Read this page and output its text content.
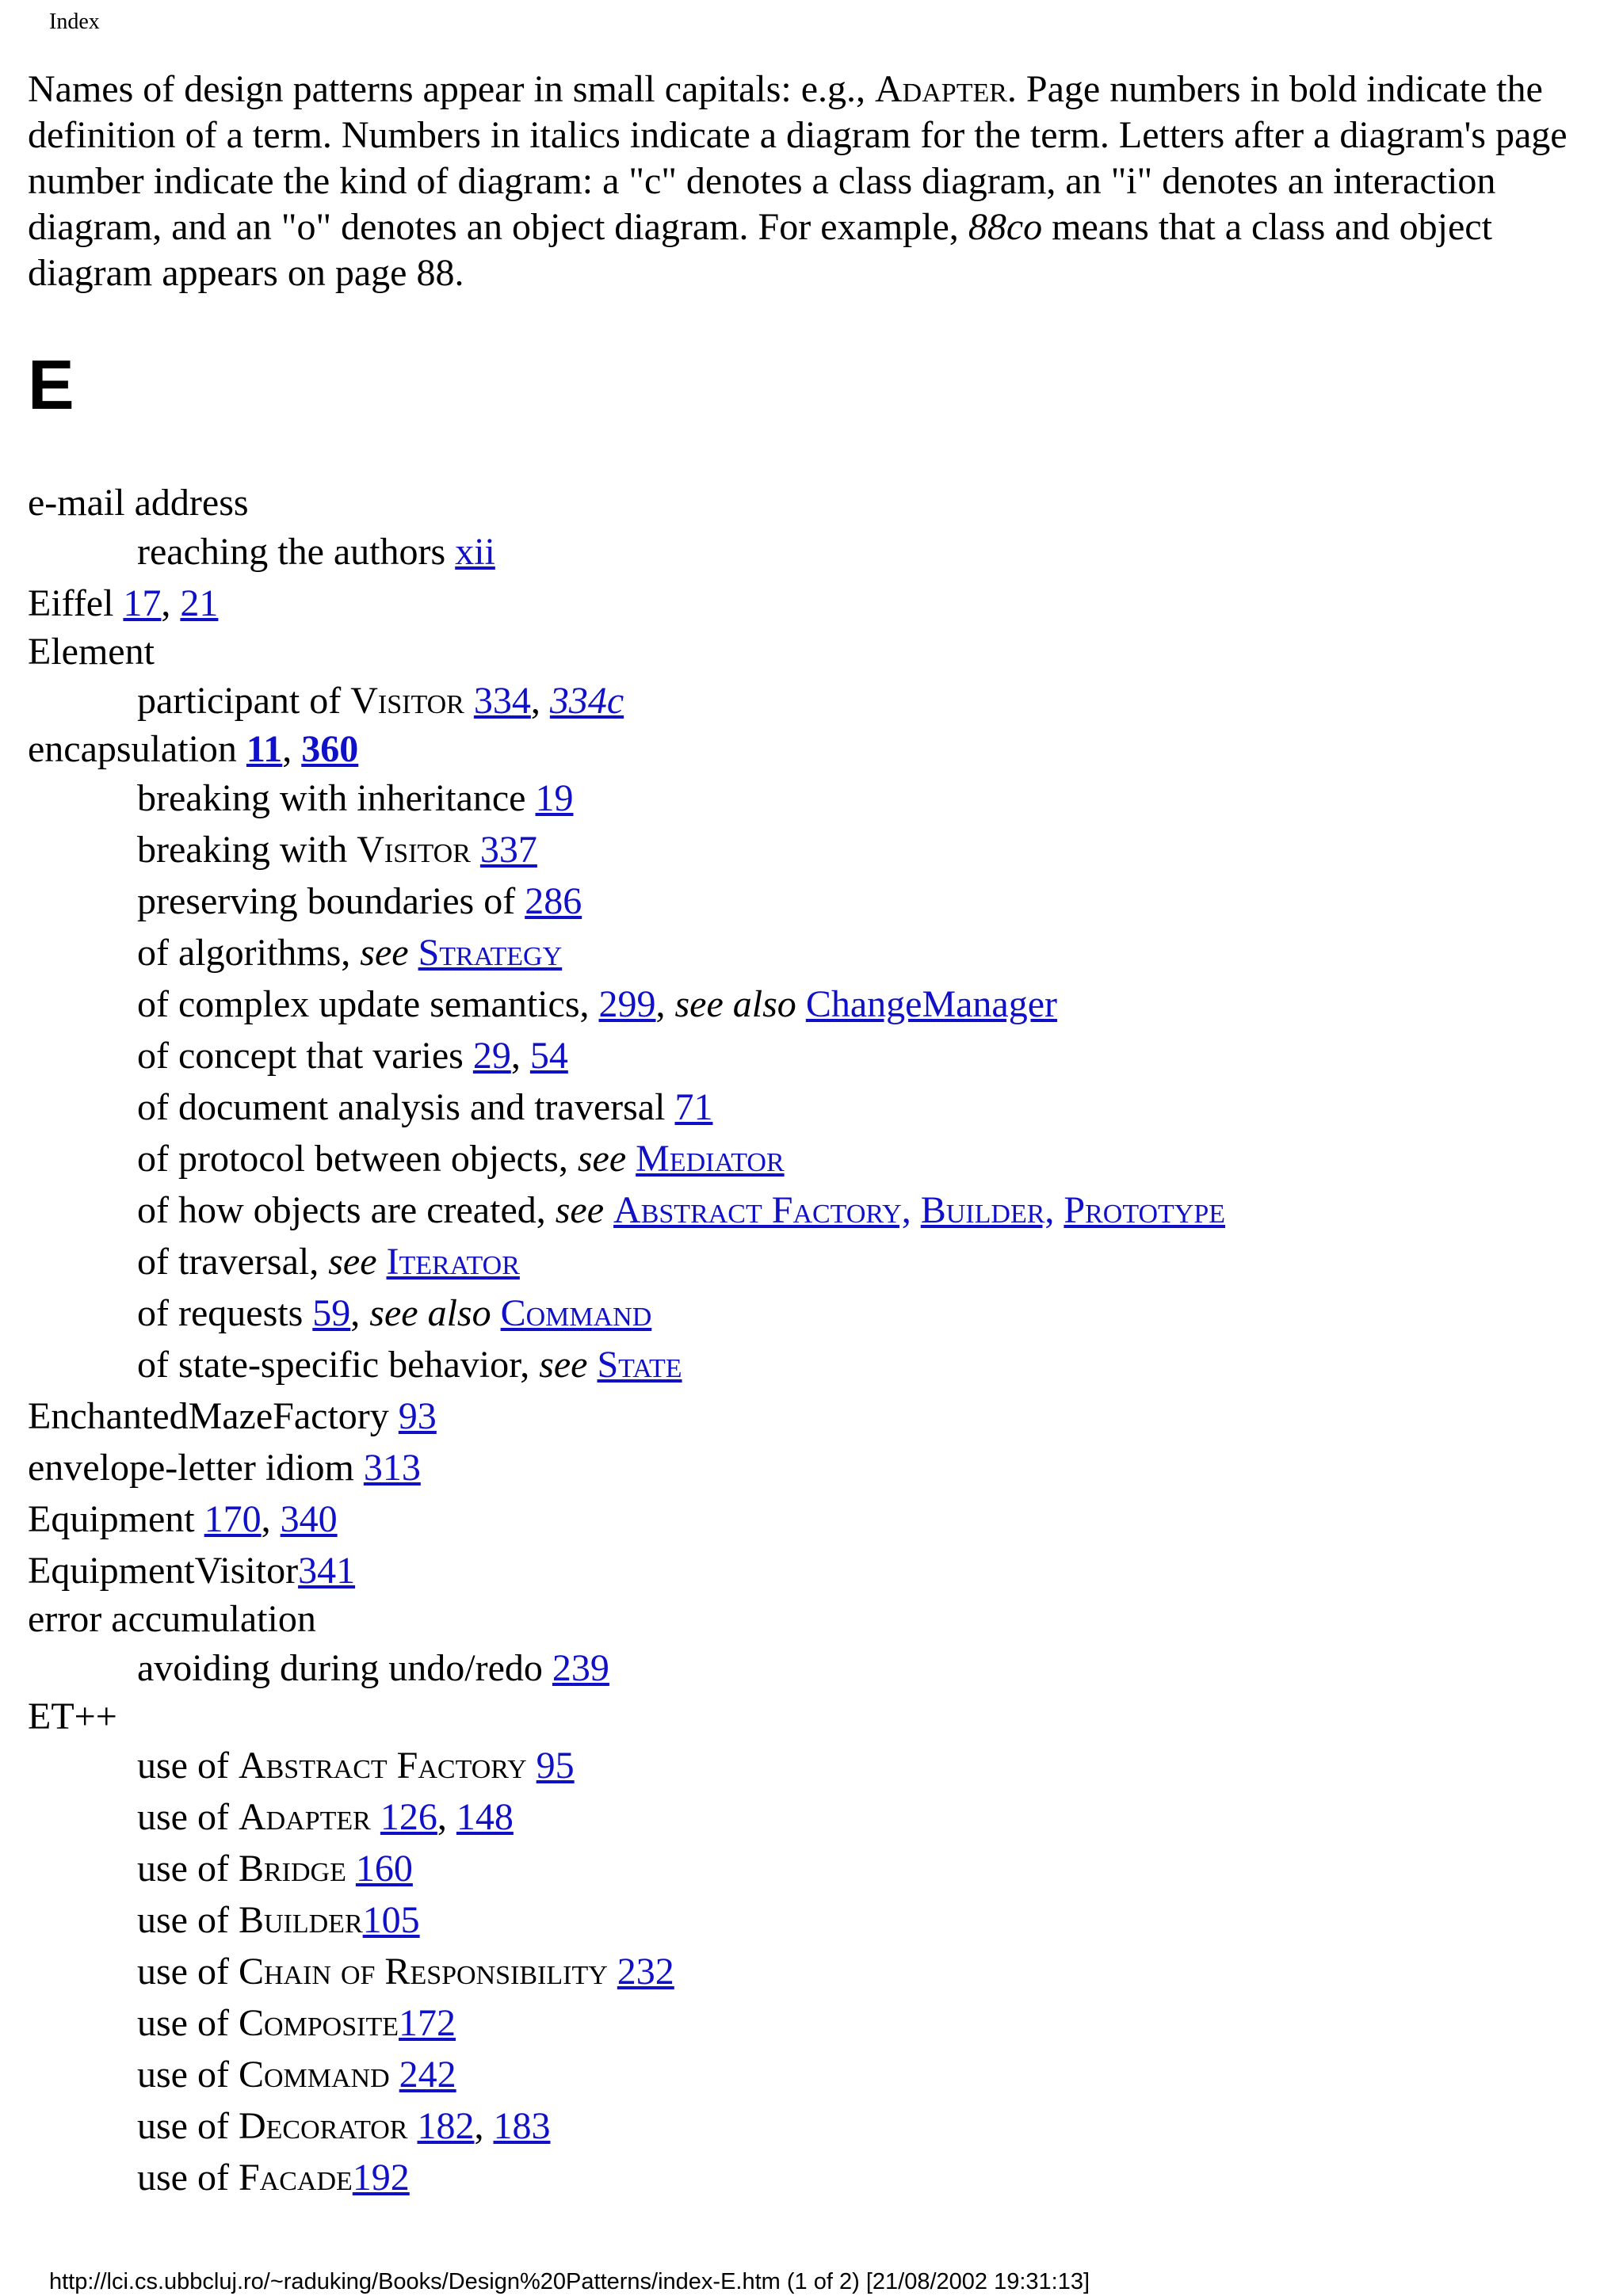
Index
Names of design patterns appear in small capitals: e.g., Adapter. Page numbers in bold indicate the definition of a term. Numbers in italics indicate a diagram for the term. Letters after a diagram's page number indicate the kind of diagram: a "c" denotes a class diagram, an "i" denotes an interaction diagram, and an "o" denotes an object diagram. For example, 88co means that a class and object diagram appears on page 88.
E
e-mail address
reaching the authors xii
Eiffel 17, 21
Element
participant of Visitor 334, 334c
encapsulation 11, 360
breaking with inheritance 19
breaking with Visitor 337
preserving boundaries of 286
of algorithms, see Strategy
of complex update semantics, 299, see also ChangeManager
of concept that varies 29, 54
of document analysis and traversal 71
of protocol between objects, see Mediator
of how objects are created, see Abstract Factory, Builder, Prototype
of traversal, see Iterator
of requests 59, see also Command
of state-specific behavior, see State
EnchantedMazeFactory 93
envelope-letter idiom 313
Equipment 170, 340
EquipmentVisitor341
error accumulation
avoiding during undo/redo 239
ET++
use of Abstract Factory 95
use of Adapter 126, 148
use of Bridge 160
use of Builder105
use of Chain of Responsibility 232
use of Composite172
use of Command 242
use of Decorator 182, 183
use of Facade192
http://lci.cs.ubbcluj.ro/~raduking/Books/Design%20Patterns/index-E.htm (1 of 2) [21/08/2002 19:31:13]
